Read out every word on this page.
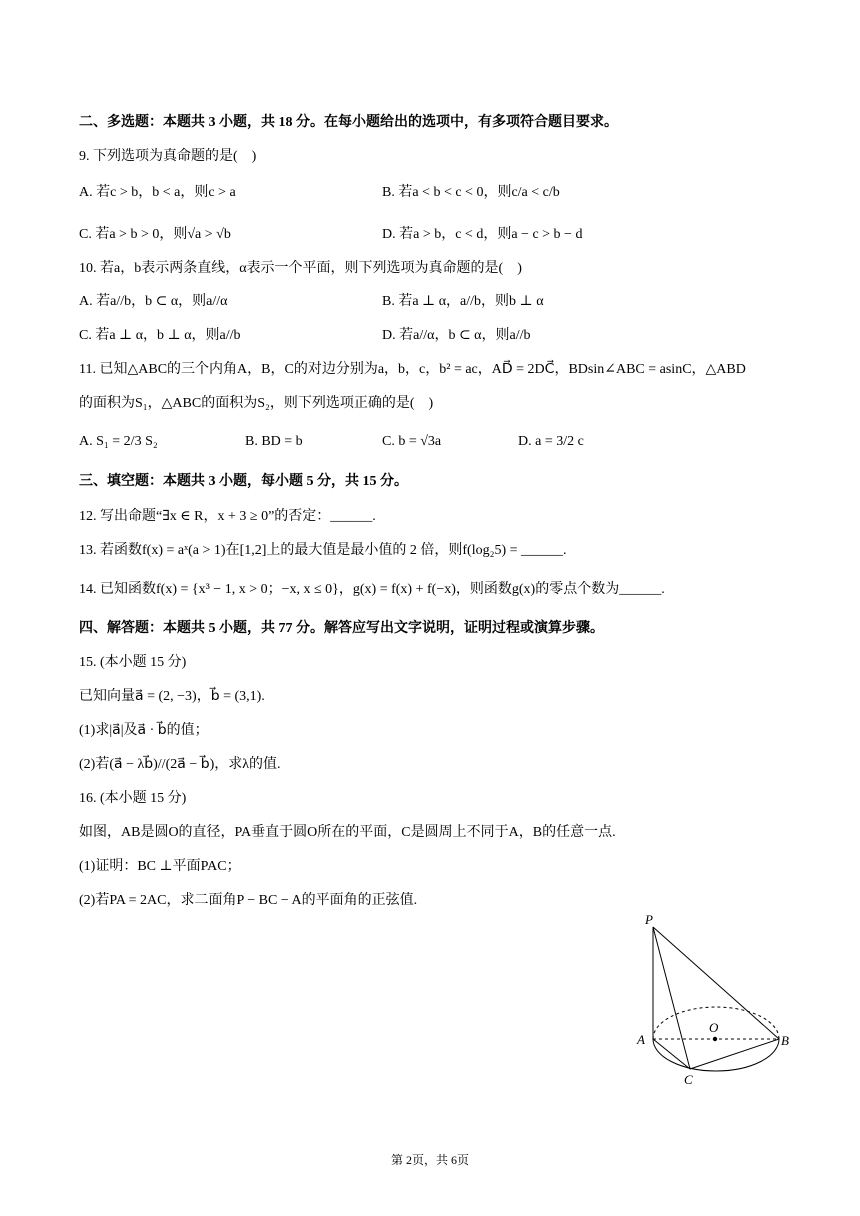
二、多选题：本题共 3 小题，共 18 分。在每小题给出的选项中，有多项符合题目要求。
9. 下列选项为真命题的是(    )
A. 若c > b，b < a，则c > a	B. 若a < b < c < 0，则c/a < c/b
C. 若a > b > 0，则√a > √b	D. 若a > b，c < d，则a − c > b − d
10. 若a，b表示两条直线，α表示一个平面，则下列选项为真命题的是(    )
A. 若a//b，b ⊂ α，则a//α	B. 若a ⊥ α，a//b，则b ⊥ α
C. 若a ⊥ α，b ⊥ α，则a//b	D. 若a//α，b ⊂ α，则a//b
11. 已知△ABC的三个内角A，B，C的对边分别为a，b，c，b² = ac，AD⃗ = 2DC⃗，BDsin∠ABC = asinC，△ABD
的面积为S₁，△ABC的面积为S₂，则下列选项正确的是(    )
A. S₁ = 2/3 S₂	B. BD = b	C. b = √3a	D. a = 3/2 c
三、填空题：本题共 3 小题，每小题 5 分，共 15 分。
12. 写出命题“∃x ∈ R，x + 3 ≥ 0”的否定：______.
13. 若函数f(x) = aˣ(a > 1)在[1,2]上的最大值是最小值的 2 倍，则f(log₂5) = ______.
14. 已知函数f(x) = {x³ − 1, x > 0；−x, x ≤ 0}，g(x) = f(x) + f(−x)，则函数g(x)的零点个数为______.
四、解答题：本题共 5 小题，共 77 分。解答应写出文字说明，证明过程或演算步骤。
15. (本小题 15 分)
已知向量a⃗ = (2, −3)，b⃗ = (3,1).
(1)求|a⃗|及a⃗ · b⃗的值；
(2)若(a⃗ − λb⃗)//(2a⃗ − b⃗)，求λ的值.
16. (本小题 15 分)
如图，AB是圆O的直径，PA垂直于圆O所在的平面，C是圆周上不同于A，B的任意一点.
(1)证明：BC ⊥平面PAC；
(2)若PA = 2AC，求二面角P − BC − A的平面角的正弦值.
P
A
O
B
C
第 2页，共 6页
